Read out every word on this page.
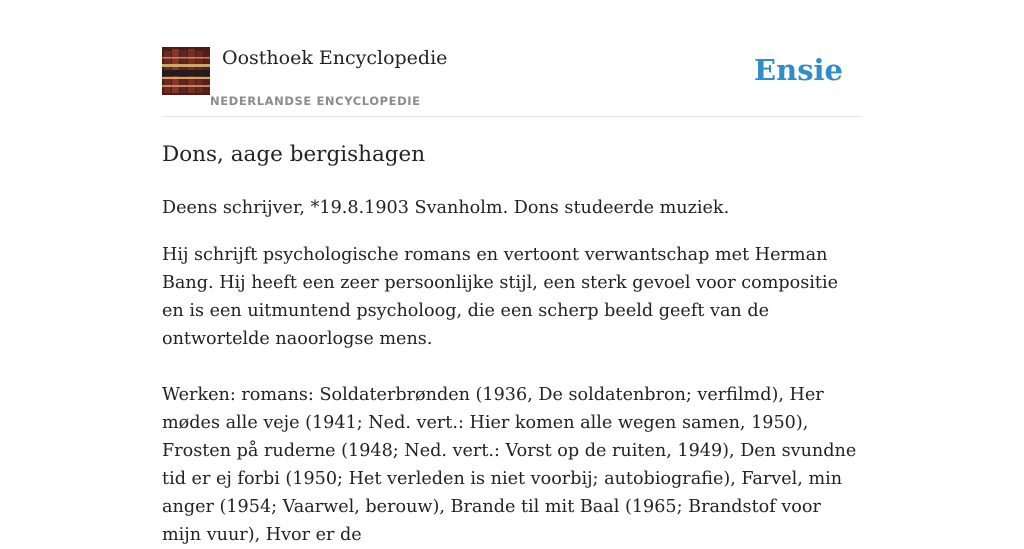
Oosthoek Encyclopedie
NEDERLANDSE ENCYCLOPEDIE
Ensie
Dons, aage bergishagen

Deens schrijver, *19.8.1903 Svanholm. Dons studeerde muziek.

Hij schrijft psychologische romans en vertoont verwantschap met Herman Bang. Hij heeft een zeer persoonlijke stijl, een sterk gevoel voor compositie en is een uitmuntend psycholoog, die een scherp beeld geeft van de ontwortelde naoorlogse mens.

Werken: romans: Soldaterbrønden (1936, De soldatenbron; verfilmd), Her mødes alle veje (1941; Ned. vert.: Hier komen alle wegen samen, 1950), Frosten på ruderne (1948; Ned. vert.: Vorst op de ruiten, 1949), Den svundne tid er ej forbi (1950; Het verleden is niet voorbij; autobiografie), Farvel, min anger (1954; Vaarwel, berouw), Brande til mit Baal (1965; Brandstof voor mijn vuur), Hvor er de
